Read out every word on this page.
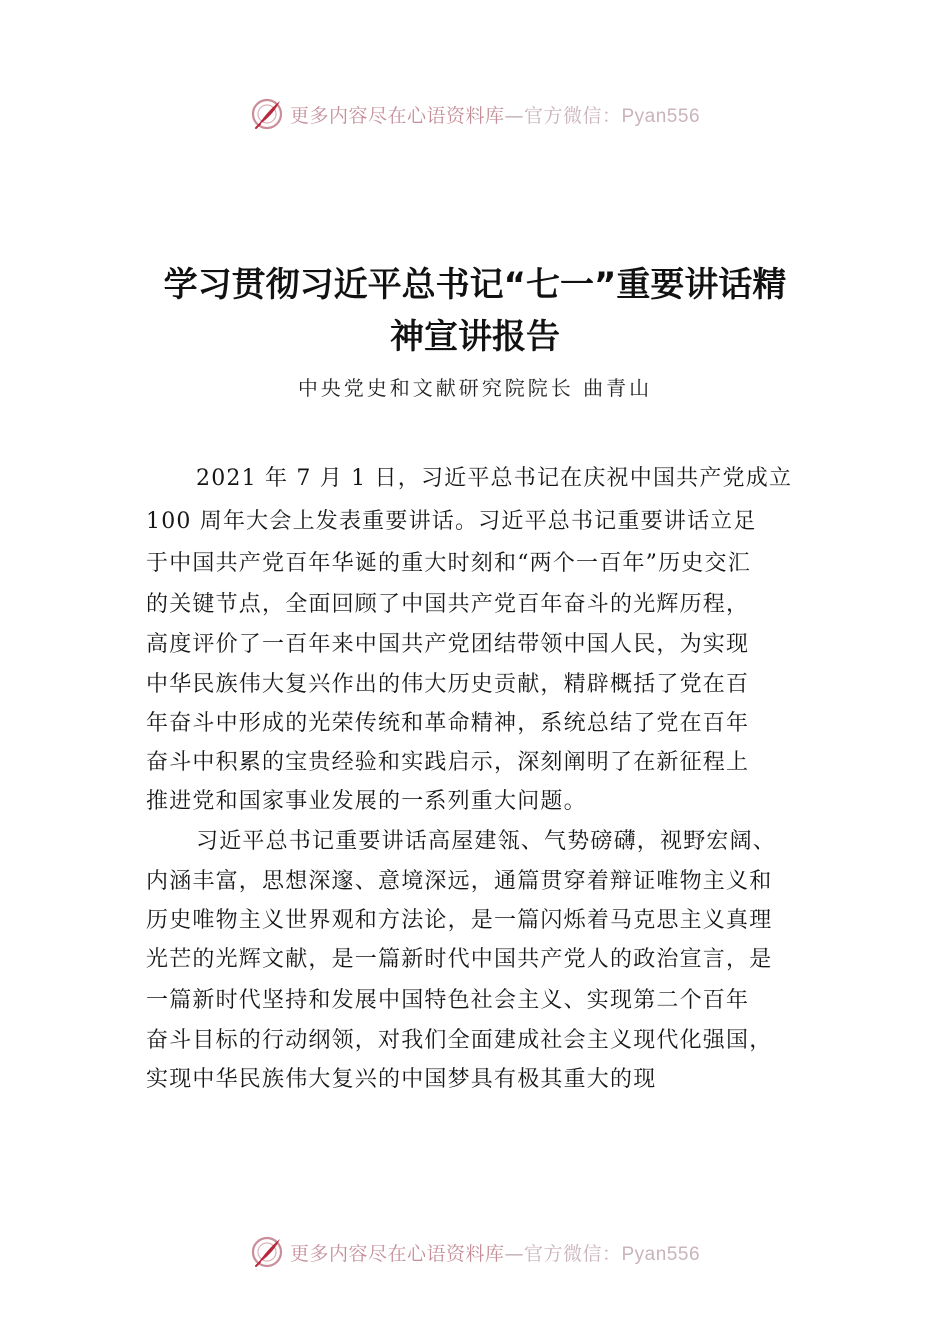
更多内容尽在心语资料库—官方微信：Pyan556
学习贯彻习近平总书记“七一”重要讲话精
神宣讲报告
中央党史和文献研究院院长 曲青山
2021 年 7 月 1 日，习近平总书记在庆祝中国共产党成立
100 周年大会上发表重要讲话。习近平总书记重要讲话立足
于中国共产党百年华诞的重大时刻和“两个一百年”历史交汇
的关键节点，全面回顾了中国共产党百年奋斗的光辉历程，
高度评价了一百年来中国共产党团结带领中国人民，为实现
中华民族伟大复兴作出的伟大历史贡献，精辟概括了党在百
年奋斗中形成的光荣传统和革命精神，系统总结了党在百年
奋斗中积累的宝贵经验和实践启示，深刻阐明了在新征程上
推进党和国家事业发展的一系列重大问题。
习近平总书记重要讲话高屋建瓴、气势磅礴，视野宏阔、
内涵丰富，思想深邃、意境深远，通篇贯穿着辩证唯物主义和
历史唯物主义世界观和方法论，是一篇闪烁着马克思主义真理
光芒的光辉文献，是一篇新时代中国共产党人的政治宣言，是
一篇新时代坚持和发展中国特色社会主义、实现第二个百年
奋斗目标的行动纲领，对我们全面建成社会主义现代化强国，
实现中华民族伟大复兴的中国梦具有极其重大的现
更多内容尽在心语资料库—官方微信：Pyan556
